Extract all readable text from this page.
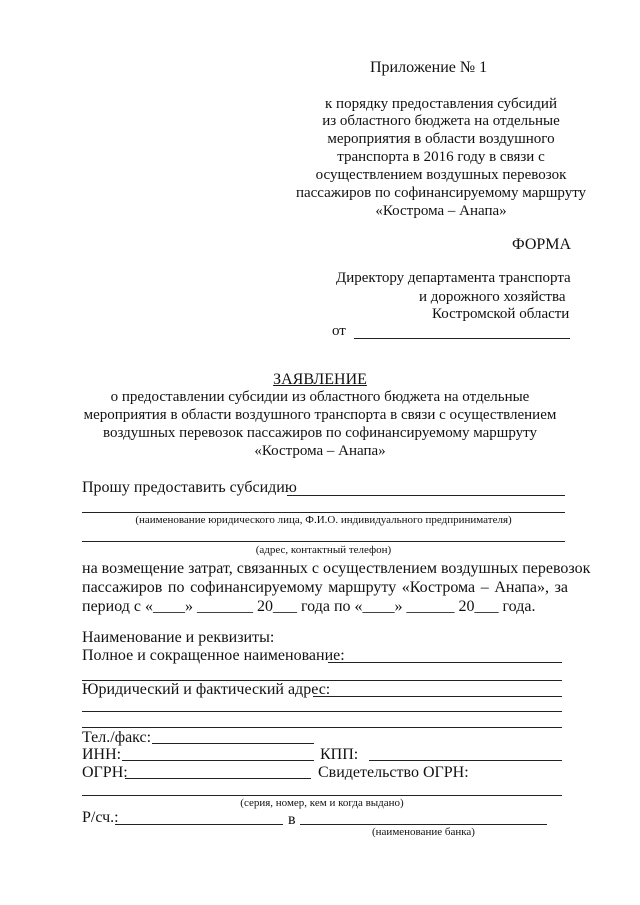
Приложение № 1
к порядку предоставления субсидий
из областного бюджета на отдельные
мероприятия в области воздушного
транспорта в 2016 году в связи с
осуществлением воздушных перевозок
пассажиров по софинансируемому маршруту
«Кострома – Анапа»
ФОРМА
Директору департамента транспорта
и дорожного хозяйства
Костромской области
от
ЗАЯВЛЕНИЕ
о предоставлении субсидии из областного бюджета на отдельные
мероприятия в области воздушного транспорта в связи с осуществлением
воздушных перевозок пассажиров по софинансируемому маршруту
«Кострома – Анапа»
Прошу предоставить субсидию
(наименование юридического лица, Ф.И.О. индивидуального предпринимателя)
(адрес, контактный телефон)
на возмещение затрат, связанных с осуществлением воздушных перевозок
пассажиров по софинансируемому маршруту «Кострома – Анапа», за
период с «____» _______ 20___ года по «____» ______ 20___ года.
Наименование и реквизиты:
Полное и сокращенное наименование:
Юридический и фактический адрес:
Тел./факс:
ИНН:	КПП:
ОГРН:	Свидетельство ОГРН:
(серия, номер, кем и когда выдано)
Р/сч.:	в
(наименование банка)
